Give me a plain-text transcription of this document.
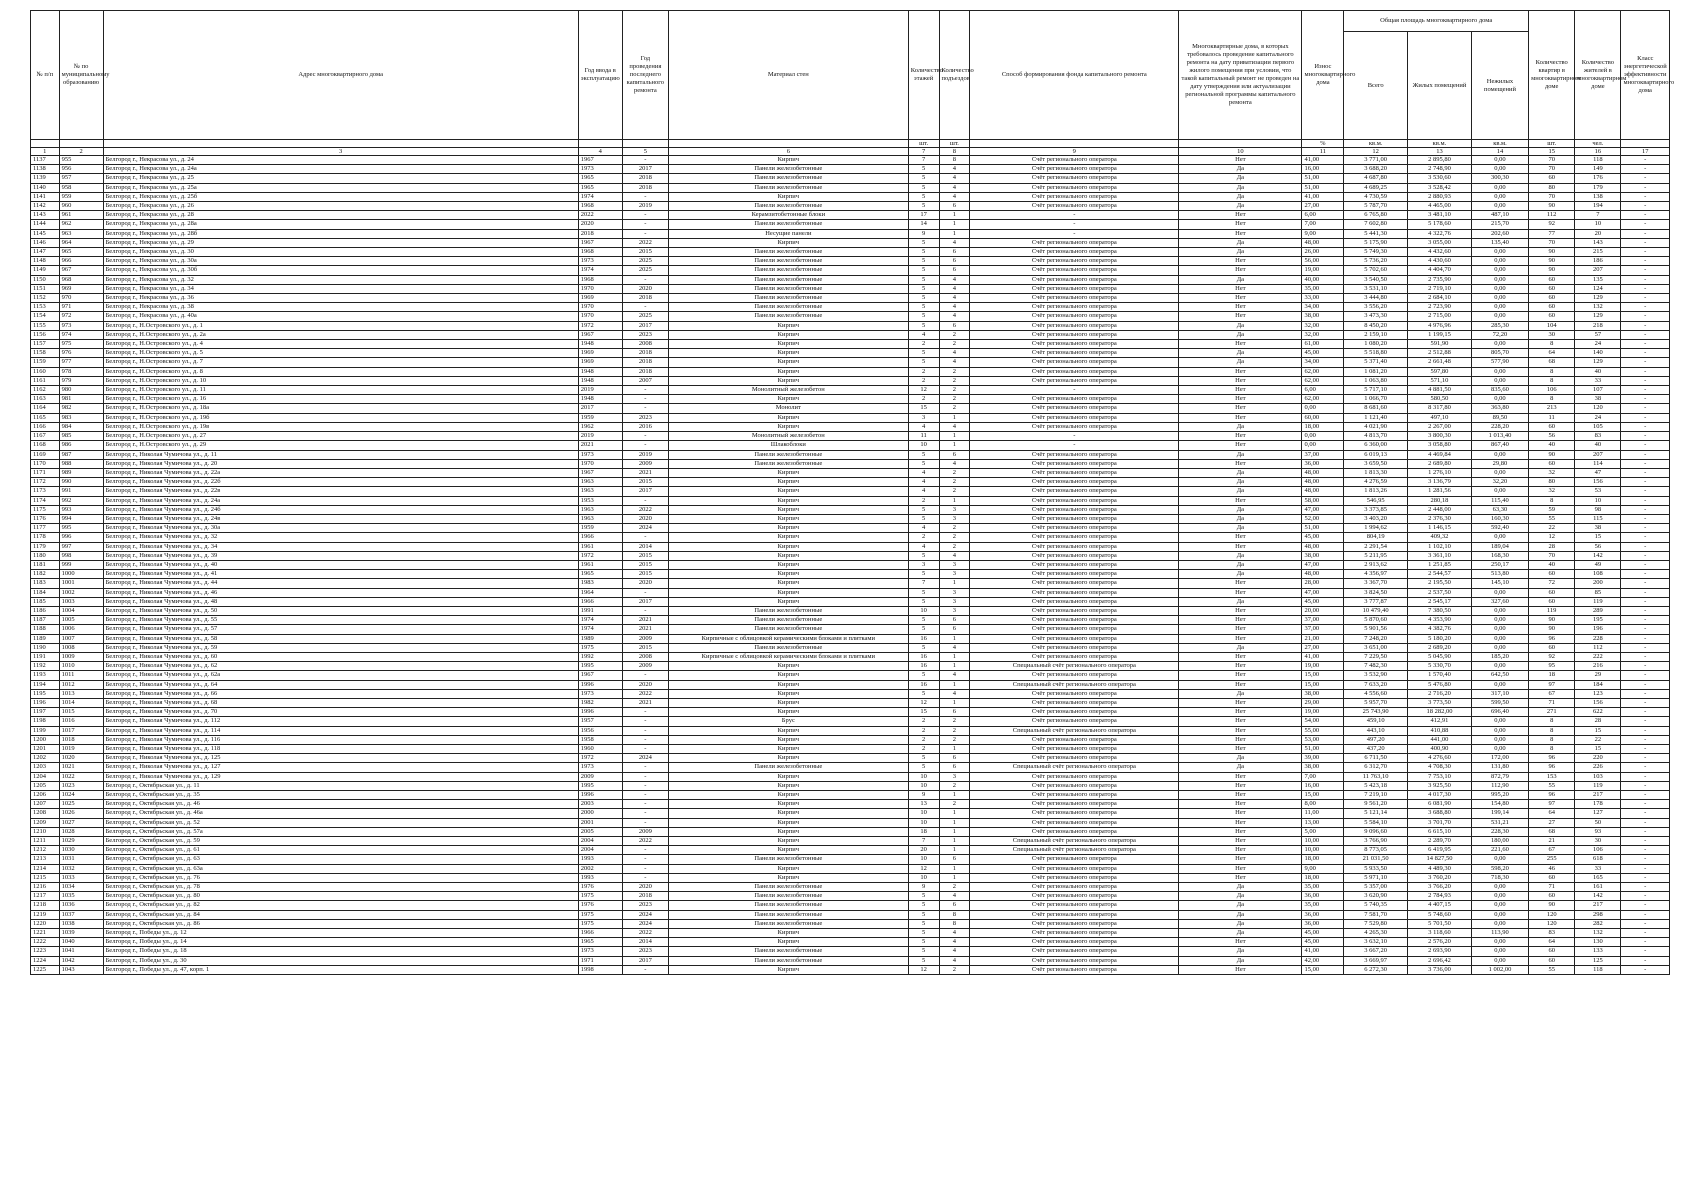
№ п/п	№ по муниципальному образованию	Адрес многоквартирного дома	Год ввода в эксплуатацию	Год проведения последнего капитального ремонта	Материал стен	Количество этажей	Количество подъездов	Способ формирования фонда капитального ремонта	Многоквартирные дома, в которых требовалось проведение капитального ремонта на дату приватизации первого жилого помещения при условии, что такой капитальный ремонт не проведен на дату утверждения или актуализации региональной программы капитального ремонта	Износ многоквартирного дома	Общая площадь многоквартирного дома			Количество квартир в многоквартирном доме	Количество жителей в многоквартирном доме	Класс энергетической эффективности многоквартирного дома
											Всего	Жилых помещений	Нежилых помещений			
						шт.	шт.			%	кв.м.	кв.м.	кв.м.	шт.	чел.	
1	2	3	4	5	6	7	8	9	10	11	12	13	14	15	16	17
1137	955	Белгород г., Некрасова ул., д. 24	1967	-	Кирпич	7	8	Счёт регионального оператора	Нет	41,00	3 771,00	2 895,80	0,00	70	118	-
1138	956	Белгород г., Некрасова ул., д. 24а	1973	2017	Панели железобетонные	5	4	Счёт регионального оператора	Да	16,00	3 688,20	2 748,90	0,00	70	149	-
1139	957	Белгород г., Некрасова ул., д. 25	1965	2018	Панели железобетонные	5	4	Счёт регионального оператора	Да	51,00	4 687,80	3 530,60	300,30	60	176	-
1140	958	Белгород г., Некрасова ул., д. 25а	1965	2018	Панели железобетонные	5	4	Счёт регионального оператора	Да	51,00	4 689,25	3 528,42	0,00	80	179	-
1141	959	Белгород г., Некрасова ул., д. 25б	1974	-	Кирпич	5	4	Счёт регионального оператора	Да	41,00	4 730,59	2 880,93	0,00	70	138	-
1142	960	Белгород г., Некрасова ул., д. 26	1968	2019	Панели железобетонные	5	6	Счёт регионального оператора	Да	27,00	5 787,70	4 465,00	0,00	90	194	-
1143	961	Белгород г., Некрасова ул., д. 28	2022	-	Керамзитобетонные блоки	17	1	-	Нет	6,00	6 765,80	3 481,10	487,10	112	7	-
1144	962	Белгород г., Некрасова ул., д. 28а	2020	-	Панели железобетонные	14	1	-	Нет	7,00	7 602,80	5 178,60	215,70	92	10	-
1145	963	Белгород г., Некрасова ул., д. 28б	2018	-	Несущие панели	9	1	-	Нет	9,00	5 441,30	4 322,76	202,60	77	20	-
1146	964	Белгород г., Некрасова ул., д. 29	1967	2022	Кирпич	5	4	Счёт регионального оператора	Да	48,00	5 175,90	3 055,00	135,40	70	143	-
1147	965	Белгород г., Некрасова ул., д. 30	1968	2015	Панели железобетонные	5	6	Счёт регионального оператора	Да	26,00	5 749,30	4 432,60	0,00	90	215	-
1148	966	Белгород г., Некрасова ул., д. 30а	1973	2025	Панели железобетонные	5	6	Счёт регионального оператора	Нет	56,00	5 736,20	4 430,60	0,00	90	186	-
1149	967	Белгород г., Некрасова ул., д. 30б	1974	2025	Панели железобетонные	5	6	Счёт регионального оператора	Нет	19,00	5 702,60	4 404,70	0,00	90	207	-
1150	968	Белгород г., Некрасова ул., д. 32	1968	-	Панели железобетонные	5	4	Счёт регионального оператора	Да	40,00	3 540,50	2 735,90	0,00	60	135	-
1151	969	Белгород г., Некрасова ул., д. 34	1970	2020	Панели железобетонные	5	4	Счёт регионального оператора	Нет	35,00	3 531,10	2 719,10	0,00	60	124	-
1152	970	Белгород г., Некрасова ул., д. 36	1969	2018	Панели железобетонные	5	4	Счёт регионального оператора	Нет	33,00	3 444,80	2 684,10	0,00	60	129	-
1153	971	Белгород г., Некрасова ул., д. 38	1970	-	Панели железобетонные	5	4	Счёт регионального оператора	Нет	34,00	3 556,20	2 723,90	0,00	60	132	-
1154	972	Белгород г., Некрасова ул., д. 40а	1970	2025	Панели железобетонные	5	4	Счёт регионального оператора	Нет	38,00	3 473,30	2 715,00	0,00	60	129	-
1155	973	Белгород г., Н.Островского ул., д. 1	1972	2017	Кирпич	5	6	Счёт регионального оператора	Да	32,00	8 450,20	4 976,96	285,30	104	218	-
1156	974	Белгород г., Н.Островского ул., д. 2а	1967	2023	Кирпич	4	2	Счёт регионального оператора	Да	32,00	2 159,10	1 199,15	72,20	30	57	-
1157	975	Белгород г., Н.Островского ул., д. 4	1948	2008	Кирпич	2	2	Счёт регионального оператора	Нет	61,00	1 080,20	591,90	0,00	8	24	-
1158	976	Белгород г., Н.Островского ул., д. 5	1969	2018	Кирпич	5	4	Счёт регионального оператора	Да	45,00	5 518,80	2 512,88	805,70	64	140	-
1159	977	Белгород г., Н.Островского ул., д. 7	1969	2018	Кирпич	5	4	Счёт регионального оператора	Да	34,00	5 371,40	2 661,48	577,90	68	129	-
1160	978	Белгород г., Н.Островского ул., д. 8	1948	2018	Кирпич	2	2	Счёт регионального оператора	Нет	62,00	1 081,20	597,80	0,00	8	40	-
1161	979	Белгород г., Н.Островского ул., д. 10	1948	2007	Кирпич	2	2	Счёт регионального оператора	Нет	62,00	1 063,80	571,10	0,00	8	33	-
1162	980	Белгород г., Н.Островского ул., д. 11	2019	-	Монолитный железобетон	12	2	-	Нет	6,00	5 717,10	4 881,50	835,60	106	107	-
1163	981	Белгород г., Н.Островского ул., д. 16	1948	-	Кирпич	2	2	Счёт регионального оператора	Нет	62,00	1 066,70	580,50	0,00	8	38	-
1164	982	Белгород г., Н.Островского ул., д. 18а	2017	-	Монолит	15	2	Счёт регионального оператора	Нет	0,00	8 681,60	8 317,80	363,80	213	120	-
1165	983	Белгород г., Н.Островского ул., д. 19б	1959	2023	Кирпич	3	1	Счёт регионального оператора	Нет	60,00	1 121,40	497,10	89,50	11	24	-
1166	984	Белгород г., Н.Островского ул., д. 19в	1962	2016	Кирпич	4	4	Счёт регионального оператора	Да	18,00	4 021,90	2 267,00	228,20	60	105	-
1167	985	Белгород г., Н.Островского ул., д. 27	2019	-	Монолитный железобетон	11	1	-	Нет	0,00	4 813,70	3 800,30	1 013,40	56	83	-
1168	986	Белгород г., Н.Островского ул., д. 29	2021	-	Шлакоблоки	10	1	-	Нет	0,00	6 360,00	3 058,80	867,40	40	40	-
1169	987	Белгород г., Николая Чумичова ул., д. 11	1973	2019	Панели железобетонные	5	6	Счёт регионального оператора	Да	37,00	6 019,13	4 469,84	0,00	90	207	-
1170	988	Белгород г., Николая Чумичова ул., д. 20	1970	2009	Панели железобетонные	5	4	Счёт регионального оператора	Нет	36,00	3 659,50	2 689,80	29,80	60	114	-
1171	989	Белгород г., Николая Чумичова ул., д. 22а	1967	2021	Кирпич	4	2	Счёт регионального оператора	Да	48,00	1 813,30	1 276,10	0,00	32	47	-
1172	990	Белгород г., Николая Чумичова ул., д. 22б	1963	2015	Кирпич	4	2	Счёт регионального оператора	Да	48,00	4 276,59	3 136,79	32,20	80	156	-
1173	991	Белгород г., Николая Чумичова ул., д. 22в	1963	2017	Кирпич	4	2	Счёт регионального оператора	Да	48,00	1 813,26	1 281,56	0,00	32	53	-
1174	992	Белгород г., Николая Чумичова ул., д. 24а	1953	-	Кирпич	2	1	Счёт регионального оператора	Нет	58,00	546,95	280,18	115,40	8	10	-
1175	993	Белгород г., Николая Чумичова ул., д. 24б	1963	2022	Кирпич	5	3	Счёт регионального оператора	Да	47,00	3 373,85	2 448,00	63,30	59	98	-
1176	994	Белгород г., Николая Чумичова ул., д. 24в	1963	2020	Кирпич	5	3	Счёт регионального оператора	Да	52,00	3 403,20	2 376,30	160,30	55	115	-
1177	995	Белгород г., Николая Чумичова ул., д. 30а	1959	2024	Кирпич	4	2	Счёт регионального оператора	Да	51,00	1 994,62	1 146,15	592,40	22	38	-
1178	996	Белгород г., Николая Чумичова ул., д. 32	1966	-	Кирпич	2	2	Счёт регионального оператора	Нет	45,00	804,19	409,32	0,00	12	15	-
1179	997	Белгород г., Николая Чумичова ул., д. 34	1961	2014	Кирпич	4	2	Счёт регионального оператора	Нет	48,00	2 291,54	1 102,10	189,04	28	56	-
1180	998	Белгород г., Николая Чумичова ул., д. 39	1972	2015	Кирпич	5	4	Счёт регионального оператора	Да	38,00	5 211,95	3 361,10	168,30	70	142	-
1181	999	Белгород г., Николая Чумичова ул., д. 40	1961	2015	Кирпич	3	3	Счёт регионального оператора	Да	47,00	2 913,62	1 251,85	250,17	40	49	-
1182	1000	Белгород г., Николая Чумичова ул., д. 41	1965	2015	Кирпич	5	3	Счёт регионального оператора	Да	48,00	4 356,97	2 544,57	513,80	60	108	-
1183	1001	Белгород г., Николая Чумичова ул., д. 44	1983	2020	Кирпич	7	1	Счёт регионального оператора	Нет	28,00	3 367,70	2 195,50	145,10	72	200	-
1184	1002	Белгород г., Николая Чумичова ул., д. 46	1964	-	Кирпич	5	3	Счёт регионального оператора	Нет	47,00	3 824,50	2 537,50	0,00	60	85	-
1185	1003	Белгород г., Николая Чумичова ул., д. 48	1966	2017	Кирпич	5	3	Счёт регионального оператора	Да	45,00	3 777,87	2 545,17	327,60	60	119	-
1186	1004	Белгород г., Николая Чумичова ул., д. 50	1991	-	Панели железобетонные	10	3	Счёт регионального оператора	Нет	20,00	10 479,40	7 380,50	0,00	119	289	-
1187	1005	Белгород г., Николая Чумичова ул., д. 55	1974	2021	Панели железобетонные	5	6	Счёт регионального оператора	Нет	37,00	5 870,60	4 353,90	0,00	90	195	-
1188	1006	Белгород г., Николая Чумичова ул., д. 57	1974	2021	Панели железобетонные	5	6	Счёт регионального оператора	Нет	37,00	5 901,56	4 382,76	0,00	90	196	-
1189	1007	Белгород г., Николая Чумичова ул., д. 58	1989	2009	Кирпичные с облицовкой керамическими блоками и плитками	16	1	Счёт регионального оператора	Нет	21,00	7 248,20	5 180,20	0,00	96	228	-
1190	1008	Белгород г., Николая Чумичова ул., д. 59	1975	2015	Панели железобетонные	5	4	Счёт регионального оператора	Да	27,00	3 651,00	2 689,20	0,00	60	112	-
1191	1009	Белгород г., Николая Чумичова ул., д. 60	1992	2008	Кирпичные с облицовкой керамическими блоками и плитками	16	1	Счёт регионального оператора	Нет	41,00	7 229,50	5 045,90	185,20	92	222	-
1192	1010	Белгород г., Николая Чумичова ул., д. 62	1995	2009	Кирпич	16	1	Специальный счёт регионального оператора	Нет	19,00	7 482,30	5 330,70	0,00	95	216	-
1193	1011	Белгород г., Николая Чумичова ул., д. 62а	1967	-	Кирпич	5	4	Счёт регионального оператора	Нет	15,00	3 532,90	1 570,40	642,50	18	29	-
1194	1012	Белгород г., Николая Чумичова ул., д. 64	1996	2020	Кирпич	16	1	Специальный счёт регионального оператора	Нет	15,00	7 633,20	5 476,80	0,00	97	184	-
1195	1013	Белгород г., Николая Чумичова ул., д. 66	1973	2022	Кирпич	5	4	Счёт регионального оператора	Да	38,00	4 556,60	2 716,20	317,10	67	123	-
1196	1014	Белгород г., Николая Чумичова ул., д. 68	1982	2021	Кирпич	12	1	Счёт регионального оператора	Нет	29,00	5 957,70	3 773,50	599,50	71	156	-
1197	1015	Белгород г., Николая Чумичова ул., д. 70	1996	-	Кирпич	15	6	Счёт регионального оператора	Нет	19,00	25 743,90	18 282,00	696,40	271	622	-
1198	1016	Белгород г., Николая Чумичова ул., д. 112	1957	-	Брус	2	2	Счёт регионального оператора	Нет	54,00	459,10	412,91	0,00	8	28	-
1199	1017	Белгород г., Николая Чумичова ул., д. 114	1956	-	Кирпич	2	2	Специальный счёт регионального оператора	Нет	55,00	443,10	410,88	0,00	8	15	-
1200	1018	Белгород г., Николая Чумичова ул., д. 116	1958	-	Кирпич	2	2	Счёт регионального оператора	Нет	53,00	497,20	441,00	0,00	8	22	-
1201	1019	Белгород г., Николая Чумичова ул., д. 118	1960	-	Кирпич	2	1	Счёт регионального оператора	Нет	51,00	437,20	400,90	0,00	8	15	-
1202	1020	Белгород г., Николая Чумичова ул., д. 125	1972	2024	Кирпич	5	6	Счёт регионального оператора	Да	39,00	6 711,50	4 276,60	172,00	96	220	-
1203	1021	Белгород г., Николая Чумичова ул., д. 127	1973	-	Панели железобетонные	5	6	Специальный счёт регионального оператора	Да	38,00	6 312,70	4 708,30	131,80	96	226	-
1204	1022	Белгород г., Николая Чумичова ул., д. 129	2009	-	Кирпич	10	3	Счёт регионального оператора	Нет	7,00	11 763,10	7 753,10	872,79	153	103	-
1205	1023	Белгород г., Октябрьская ул., д. 11	1995	-	Кирпич	10	2	Счёт регионального оператора	Нет	16,00	5 423,18	3 925,50	112,90	55	119	-
1206	1024	Белгород г., Октябрьская ул., д. 35	1996	-	Кирпич	9	1	Счёт регионального оператора	Нет	15,00	7 219,10	4 017,30	995,20	96	217	-
1207	1025	Белгород г., Октябрьская ул., д. 46	2003	-	Кирпич	13	2	Счёт регионального оператора	Нет	8,00	9 561,20	6 081,90	154,80	97	178	-
1208	1026	Белгород г., Октябрьская ул., д. 46а	2000	-	Кирпич	10	1	Счёт регионального оператора	Нет	11,00	5 121,14	3 688,80	199,14	64	127	-
1209	1027	Белгород г., Октябрьская ул., д. 52	2001	-	Кирпич	10	1	Счёт регионального оператора	Нет	13,00	5 584,10	3 701,70	531,21	27	50	-
1210	1028	Белгород г., Октябрьская ул., д. 57а	2005	2009	Кирпич	18	1	Счёт регионального оператора	Нет	5,00	9 096,60	6 615,10	228,30	68	93	-
1211	1029	Белгород г., Октябрьская ул., д. 59	2004	2022	Кирпич	7	1	Специальный счёт регионального оператора	Нет	10,00	3 766,90	2 289,70	180,00	21	30	-
1212	1030	Белгород г., Октябрьская ул., д. 61	2004	-	Кирпич	20	1	Специальный счёт регионального оператора	Нет	10,00	8 773,05	6 419,95	221,60	67	106	-
1213	1031	Белгород г., Октябрьская ул., д. 63	1993	-	Панели железобетонные	10	6	Счёт регионального оператора	Нет	18,00	21 031,50	14 827,50	0,00	255	618	-
1214	1032	Белгород г., Октябрьская ул., д. 63а	2002	-	Кирпич	12	1	Счёт регионального оператора	Нет	9,00	5 933,50	4 489,30	598,20	46	33	-
1215	1033	Белгород г., Октябрьская ул., д. 76	1993	-	Кирпич	10	1	Счёт регионального оператора	Нет	18,00	5 971,10	3 760,20	718,30	60	165	-
1216	1034	Белгород г., Октябрьская ул., д. 78	1976	2020	Панели железобетонные	9	2	Счёт регионального оператора	Да	35,00	5 357,00	3 766,20	0,00	71	161	-
1217	1035	Белгород г., Октябрьская ул., д. 80	1975	2018	Панели железобетонные	5	4	Счёт регионального оператора	Да	36,00	3 620,90	2 784,93	0,00	60	142	-
1218	1036	Белгород г., Октябрьская ул., д. 82	1976	2023	Панели железобетонные	5	6	Счёт регионального оператора	Да	35,00	5 740,35	4 407,15	0,00	90	217	-
1219	1037	Белгород г., Октябрьская ул., д. 84	1975	2024	Панели железобетонные	5	8	Счёт регионального оператора	Да	36,00	7 581,70	5 748,60	0,00	120	298	-
1220	1038	Белгород г., Октябрьская ул., д. 86	1975	2024	Панели железобетонные	5	8	Счёт регионального оператора	Да	36,00	7 529,80	5 701,50	0,00	120	282	-
1221	1039	Белгород г., Победы ул., д. 12	1966	2022	Кирпич	5	4	Счёт регионального оператора	Да	45,00	4 265,30	3 118,60	113,90	83	132	-
1222	1040	Белгород г., Победы ул., д. 14	1965	2014	Кирпич	5	4	Счёт регионального оператора	Нет	45,00	3 632,10	2 576,20	0,00	64	130	-
1223	1041	Белгород г., Победы ул., д. 18	1973	2023	Панели железобетонные	5	4	Счёт регионального оператора	Да	41,00	3 667,20	2 693,90	0,00	60	133	-
1224	1042	Белгород г., Победы ул., д. 30	1971	2017	Панели железобетонные	5	4	Счёт регионального оператора	Да	42,00	3 669,97	2 696,42	0,00	60	125	-
1225	1043	Белгород г., Победы ул., д. 47, корп. 1	1998	-	Кирпич	12	2	Счёт регионального оператора	Нет	15,00	6 272,30	3 736,00	1 002,00	55	118	-
